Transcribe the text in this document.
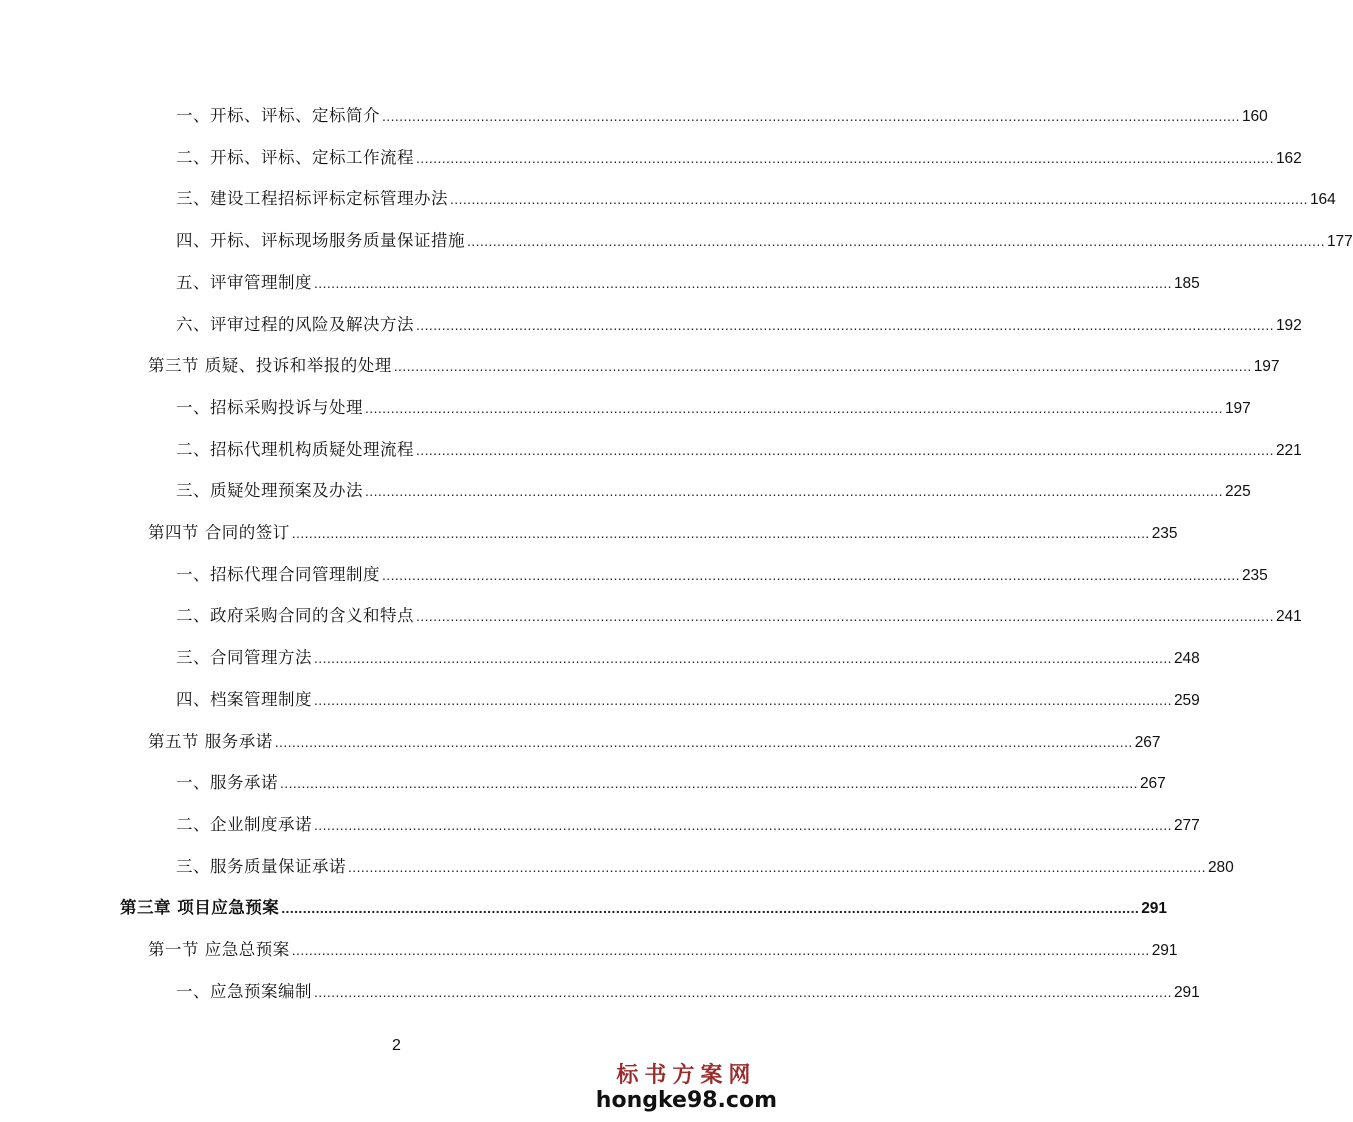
一、开标、评标、定标简介 ........................................................................................................................................................................................................ 160
二、开标、评标、定标工作流程 ........................................................................................................................................................................................................ 162
三、建设工程招标评标定标管理办法 ........................................................................................................................................................................................................ 164
四、开标、评标现场服务质量保证措施 ........................................................................................................................................................................................................ 177
五、评审管理制度 ........................................................................................................................................................................................................ 185
六、评审过程的风险及解决方法 ........................................................................................................................................................................................................ 192
第三节 质疑、投诉和举报的处理 ........................................................................................................................................................................................................ 197
一、招标采购投诉与处理 ........................................................................................................................................................................................................ 197
二、招标代理机构质疑处理流程 ........................................................................................................................................................................................................ 221
三、质疑处理预案及办法 ........................................................................................................................................................................................................ 225
第四节 合同的签订 ........................................................................................................................................................................................................ 235
一、招标代理合同管理制度 ........................................................................................................................................................................................................ 235
二、政府采购合同的含义和特点 ........................................................................................................................................................................................................ 241
三、合同管理方法 ........................................................................................................................................................................................................ 248
四、档案管理制度 ........................................................................................................................................................................................................ 259
第五节 服务承诺 ........................................................................................................................................................................................................ 267
一、服务承诺 ........................................................................................................................................................................................................ 267
二、企业制度承诺 ........................................................................................................................................................................................................ 277
三、服务质量保证承诺 ........................................................................................................................................................................................................ 280
第三章 项目应急预案 ........................................................................................................................................................................................................ 291
第一节 应急总预案 ........................................................................................................................................................................................................ 291
一、应急预案编制 ........................................................................................................................................................................................................ 291
2
标书方案网
hongke98.com
